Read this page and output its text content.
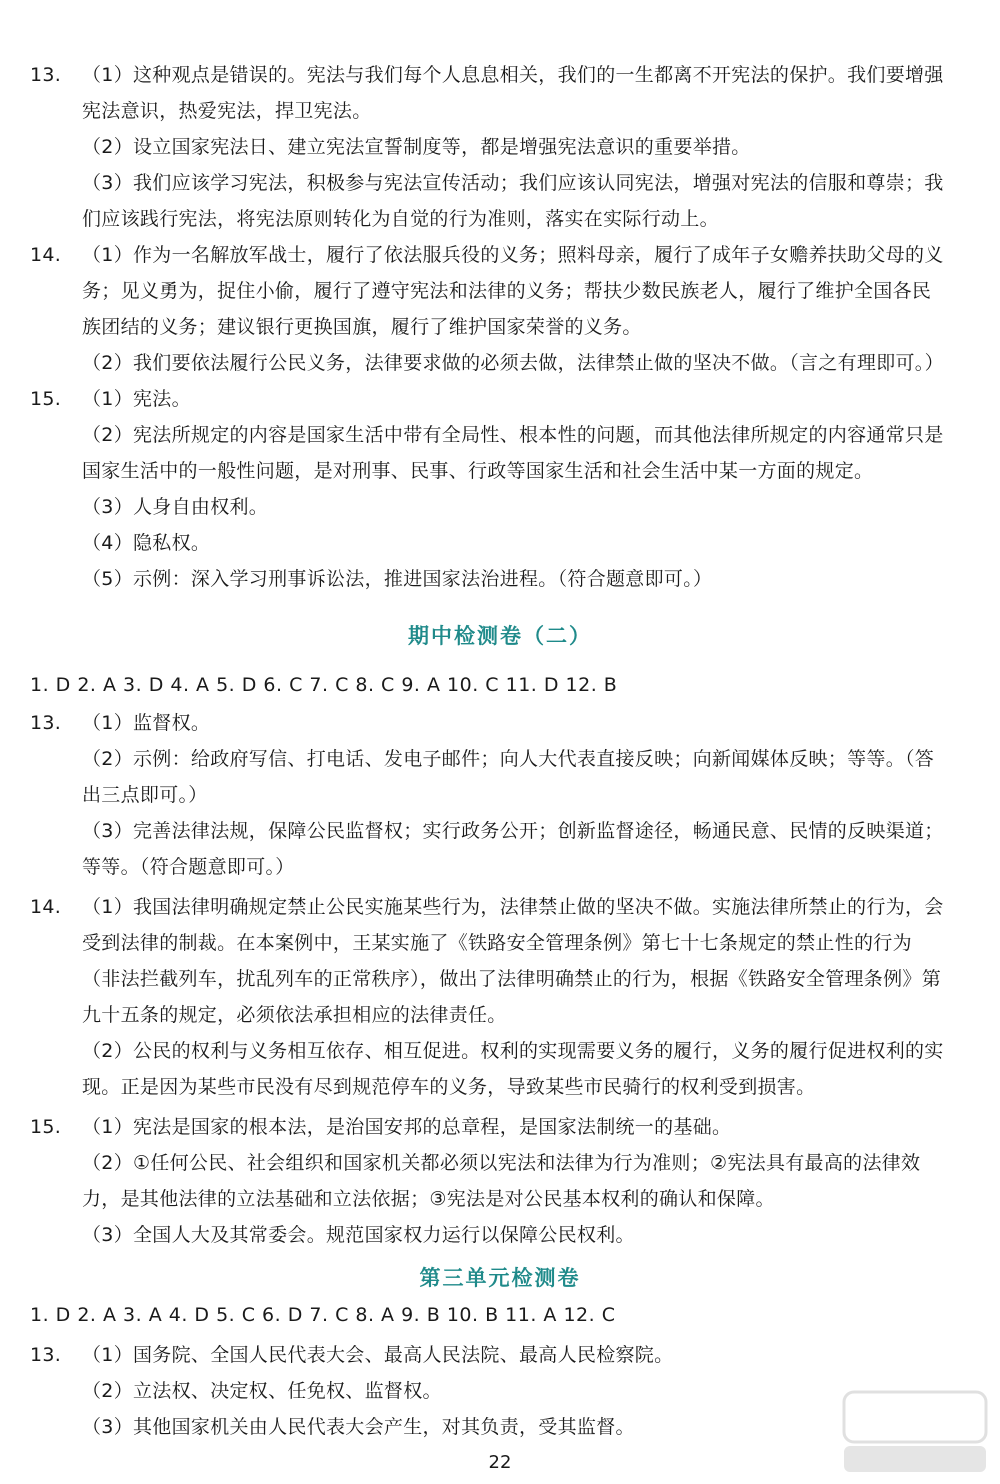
13. （1）这种观点是错误的。宪法与我们每个人息息相关，我们的一生都离不开宪法的保护。我们要增强
宪法意识，热爱宪法，捍卫宪法。
（2）设立国家宪法日、建立宪法宣誓制度等，都是增强宪法意识的重要举措。
（3）我们应该学习宪法，积极参与宪法宣传活动；我们应该认同宪法，增强对宪法的信服和尊崇；我
们应该践行宪法，将宪法原则转化为自觉的行为准则，落实在实际行动上。
14. （1）作为一名解放军战士，履行了依法服兵役的义务；照料母亲，履行了成年子女赡养扶助父母的义
务；见义勇为，捉住小偷，履行了遵守宪法和法律的义务；帮扶少数民族老人，履行了维护全国各民
族团结的义务；建议银行更换国旗，履行了维护国家荣誉的义务。
（2）我们要依法履行公民义务，法律要求做的必须去做，法律禁止做的坚决不做。（言之有理即可。）
15. （1）宪法。
（2）宪法所规定的内容是国家生活中带有全局性、根本性的问题，而其他法律所规定的内容通常只是
国家生活中的一般性问题，是对刑事、民事、行政等国家生活和社会生活中某一方面的规定。
（3）人身自由权利。
（4）隐私权。
（5）示例：深入学习刑事诉讼法，推进国家法治进程。（符合题意即可。）
13. （1）监督权。
（2）示例：给政府写信、打电话、发电子邮件；向人大代表直接反映；向新闻媒体反映；等等。（答
出三点即可。）
（3）完善法律法规，保障公民监督权；实行政务公开；创新监督途径，畅通民意、民情的反映渠道；
等等。（符合题意即可。）
14. （1）我国法律明确规定禁止公民实施某些行为，法律禁止做的坚决不做。实施法律所禁止的行为，会
受到法律的制裁。在本案例中，王某实施了《铁路安全管理条例》第七十七条规定的禁止性的行为
（非法拦截列车，扰乱列车的正常秩序），做出了法律明确禁止的行为，根据《铁路安全管理条例》第
九十五条的规定，必须依法承担相应的法律责任。
（2）公民的权利与义务相互依存、相互促进。权利的实现需要义务的履行，义务的履行促进权利的实
现。正是因为某些市民没有尽到规范停车的义务，导致某些市民骑行的权利受到损害。
15. （1）宪法是国家的根本法，是治国安邦的总章程，是国家法制统一的基础。
（2）①任何公民、社会组织和国家机关都必须以宪法和法律为行为准则；②宪法具有最高的法律效
力，是其他法律的立法基础和立法依据；③宪法是对公民基本权利的确认和保障。
（3）全国人大及其常委会。规范国家权力运行以保障公民权利。
13. （1）国务院、全国人民代表大会、最高人民法院、最高人民检察院。
（2）立法权、决定权、任免权、监督权。
（3）其他国家机关由人民代表大会产生，对其负责，受其监督。
期中检测卷（二）
第三单元检测卷
1. D 2. A 3. D 4. A 5. D 6. C 7. C 8. C 9. A 10. C 11. D 12. B
1. D 2. A 3. A 4. D 5. C 6. D 7. C 8. A 9. B 10. B 11. A 12. C
22
